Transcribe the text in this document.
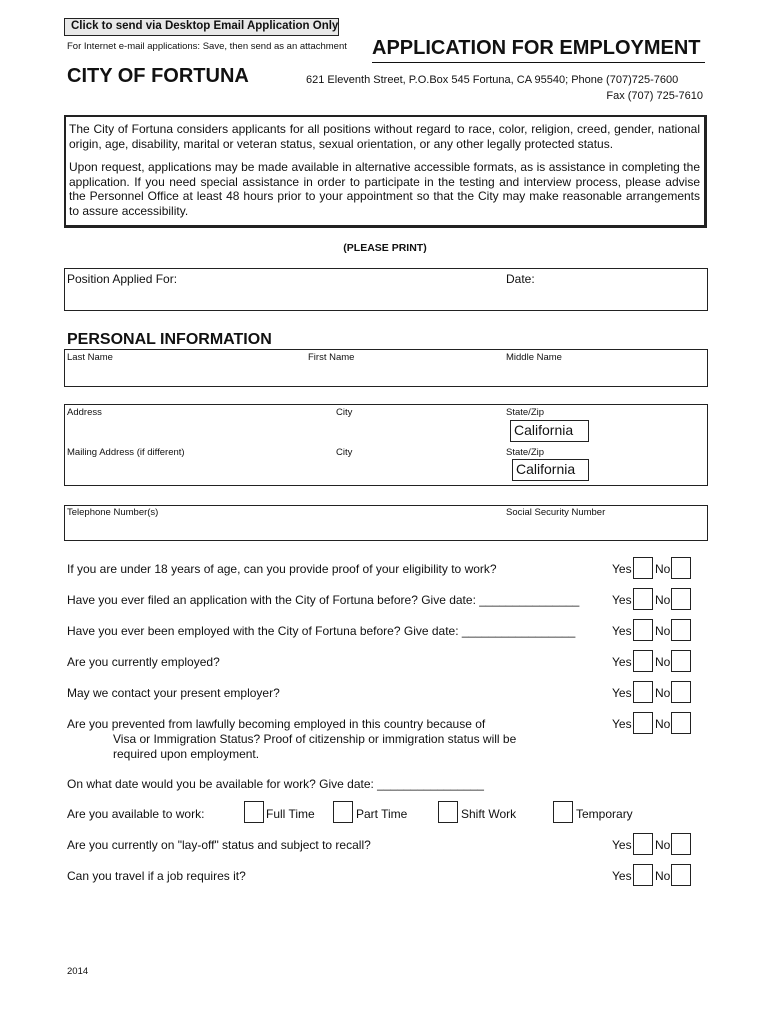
Click to send via Desktop Email Application Only
For Internet e-mail applications: Save, then send as an attachment APPLICATION FOR EMPLOYMENT
CITY OF FORTUNA	621 Eleventh Street, P.O.Box 545 Fortuna, CA 95540; Phone (707)725-7600
Fax (707) 725-7610

The City of Fortuna considers applicants for all positions without regard to race, color, religion, creed, gender, national origin, age, disability, marital or veteran status, sexual orientation, or any other legally protected status.

Upon request, applications may be made available in alternative accessible formats, as is assistance in completing the application. If you need special assistance in order to participate in the testing and interview process, please advise the Personnel Office at least 48 hours prior to your appointment so that the City may make reasonable arrangements to assure accessibility.

(PLEASE PRINT)
Position Applied For:	Date:
PERSONAL INFORMATION
Last Name	First Name	Middle Name
Address	City	State/Zip
California
Mailing Address (if different)	City	State/Zip
California
Telephone Number(s)	Social Security Number
If you are under 18 years of age, can you provide proof of your eligibility to work?	Yes No
Have you ever filed an application with the City of Fortuna before? Give date: _______________	Yes No
Have you ever been employed with the City of Fortuna before? Give date: _________________	Yes No
Are you currently employed?	Yes No
May we contact your present employer?	Yes No
Are you prevented from lawfully becoming employed in this country because of
Visa or Immigration Status? Proof of citizenship or immigration status will be
required upon employment.
Yes No
On what date would you be available for work? Give date: ________________
Are you available to work:	Full Time	Part Time	Shift Work	Temporary
Are you currently on "lay-off" status and subject to recall?	Yes No
Can you travel if a job requires it?	Yes No
2014
